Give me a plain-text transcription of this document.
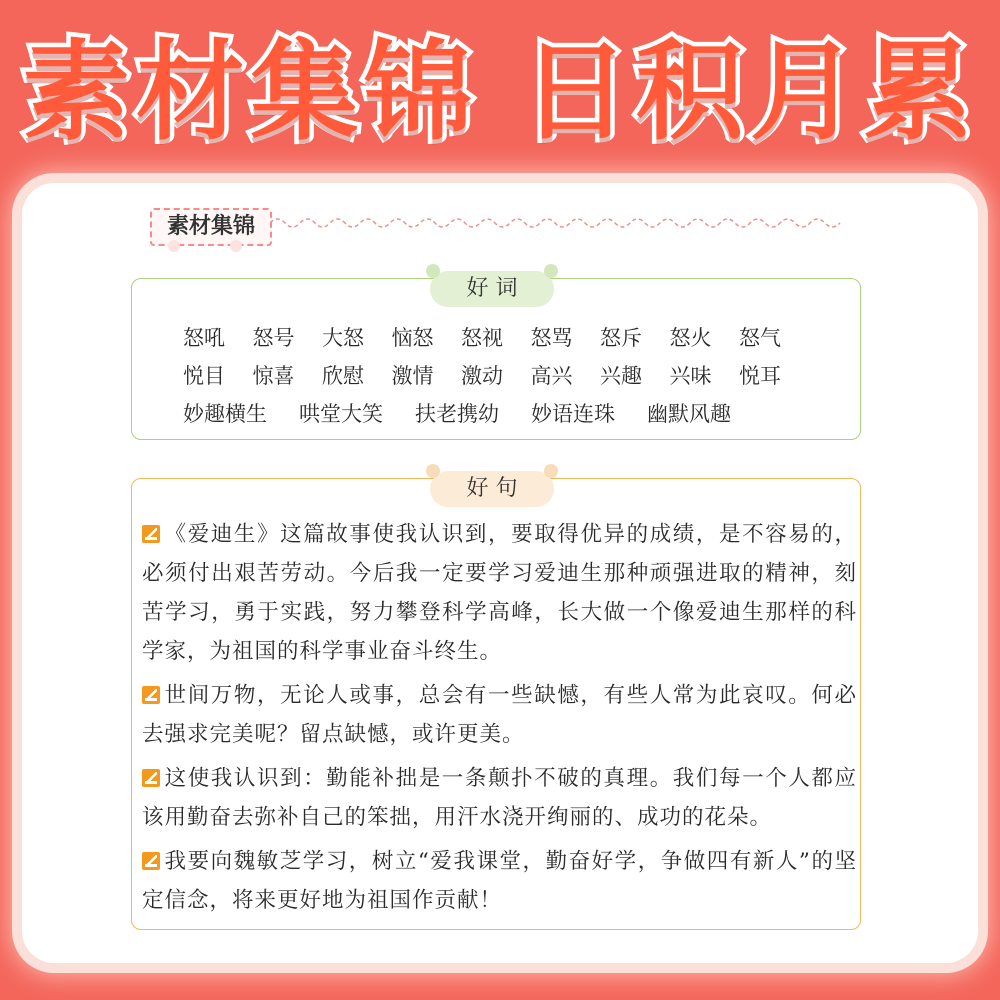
素材集锦 日积月累
素材集锦
好 词
怒吼 怒号 大怒 恼怒 怒视 怒骂 怒斥 怒火 怒气
悦目 惊喜 欣慰 激情 激动 高兴 兴趣 兴味 悦耳
妙趣横生 哄堂大笑 扶老携幼 妙语连珠 幽默风趣
好 句
《爱迪生》这篇故事使我认识到，要取得优异的成绩，是不容易的，必须付出艰苦劳动。今后我一定要学习爱迪生那种顽强进取的精神，刻苦学习，勇于实践，努力攀登科学高峰，长大做一个像爱迪生那样的科学家，为祖国的科学事业奋斗终生。
世间万物，无论人或事，总会有一些缺憾，有些人常为此哀叹。何必去强求完美呢？留点缺憾，或许更美。
这使我认识到：勤能补拙是一条颠扑不破的真理。我们每一个人都应该用勤奋去弥补自己的笨拙，用汗水浇开绚丽的、成功的花朵。
我要向魏敏芝学习，树立“爱我课堂，勤奋好学，争做四有新人”的坚定信念，将来更好地为祖国作贡献！
